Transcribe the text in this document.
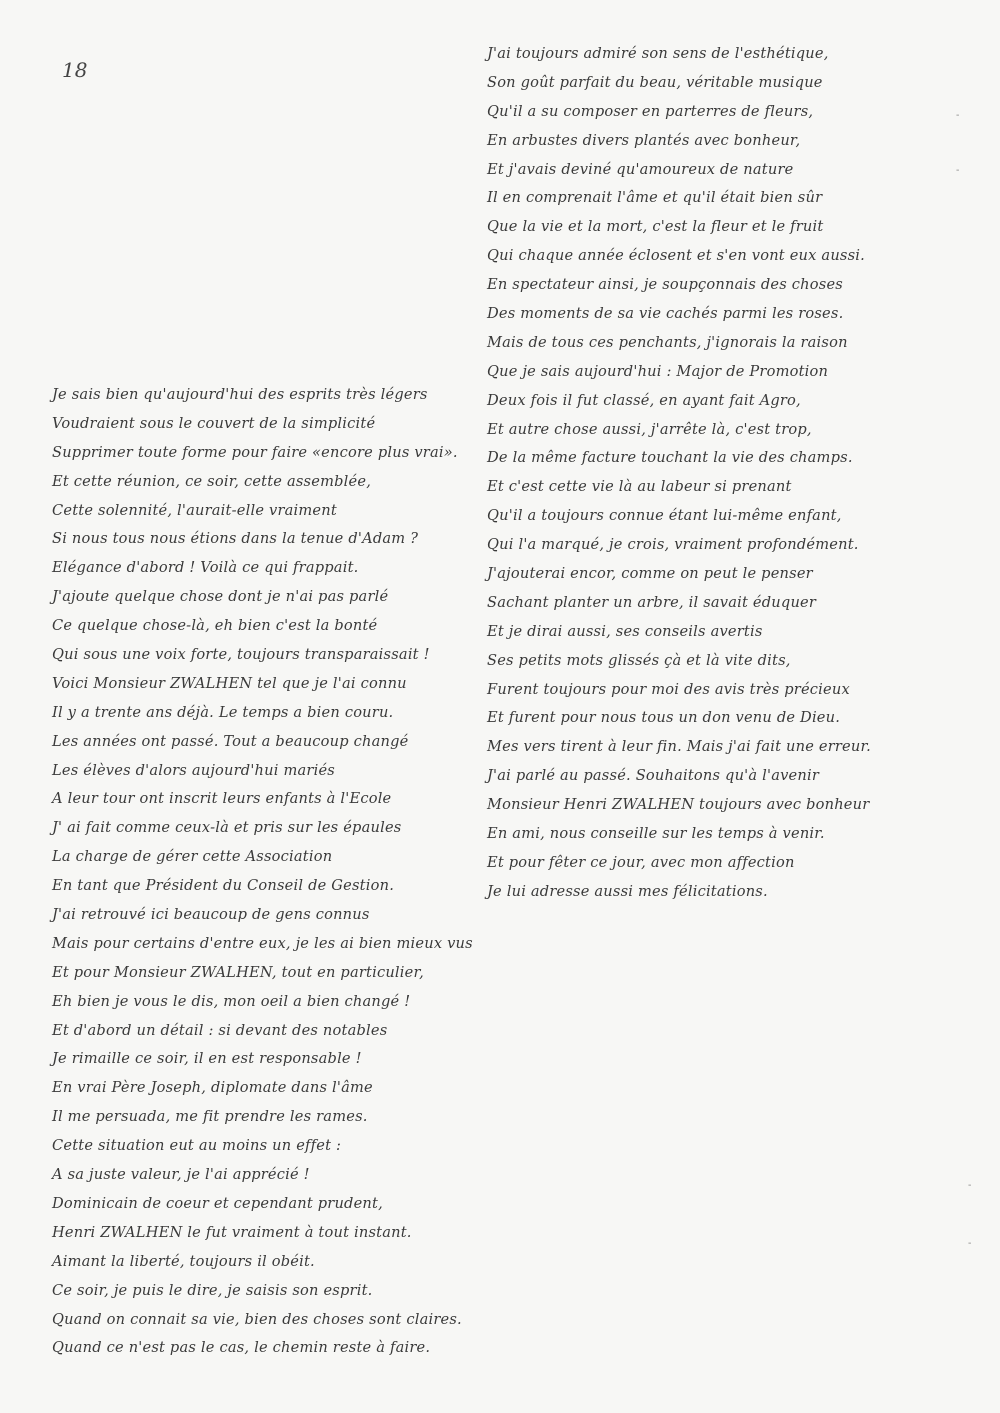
18
J'ai toujours admiré son sens de l'esthétique,
Son goût parfait du beau, véritable musique
Qu'il a su composer en parterres de fleurs,
En arbustes divers plantés avec bonheur,
Et j'avais deviné qu'amoureux de nature
Il en comprenait l'âme et qu'il était bien sûr
Que la vie et la mort, c'est la fleur et le fruit
Qui chaque année éclosent et s'en vont eux aussi.
En spectateur ainsi, je soupçonnais des choses
Des moments de sa vie cachés parmi les roses.
Mais de tous ces penchants, j'ignorais la raison
Que je sais aujourd'hui : Major de Promotion
Deux fois il fut classé, en ayant fait Agro,
Et autre chose aussi, j'arrête là, c'est trop,
De la même facture touchant la vie des champs.
Et c'est cette vie là au labeur si prenant
Qu'il a toujours connue étant lui-même enfant,
Qui l'a marqué, je crois, vraiment profondément.
J'ajouterai encor, comme on peut le penser
Sachant planter un arbre, il savait éduquer
Et je dirai aussi, ses conseils avertis
Ses petits mots glissés çà et là vite dits,
Furent toujours pour moi des avis très précieux
Et furent pour nous tous un don venu de Dieu.
Mes vers tirent à leur fin. Mais j'ai fait une erreur.
J'ai parlé au passé. Souhaitons qu'à l'avenir
Monsieur Henri ZWALHEN toujours avec bonheur
En ami, nous conseille sur les temps à venir.
Et pour fêter ce jour, avec mon affection
Je lui adresse aussi mes félicitations.
Je sais bien qu'aujourd'hui des esprits très légers
Voudraient sous le couvert de la simplicité
Supprimer toute forme pour faire «encore plus vrai».
Et cette réunion, ce soir, cette assemblée,
Cette solennité, l'aurait-elle vraiment
Si nous tous nous étions dans la tenue d'Adam ?
Elégance d'abord ! Voilà ce qui frappait.
J'ajoute quelque chose dont je n'ai pas parlé
Ce quelque chose-là, eh bien c'est la bonté
Qui sous une voix forte, toujours transparaissait !
Voici Monsieur ZWALHEN tel que je l'ai connu
Il y a trente ans déjà. Le temps a bien couru.
Les années ont passé. Tout a beaucoup changé
Les élèves d'alors aujourd'hui mariés
A leur tour ont inscrit leurs enfants à l'Ecole
J' ai fait comme ceux-là et pris sur les épaules
La charge de gérer cette Association
En tant que Président du Conseil de Gestion.
J'ai retrouvé ici beaucoup de gens connus
Mais pour certains d'entre eux, je les ai bien mieux vus
Et pour Monsieur ZWALHEN, tout en particulier,
Eh bien je vous le dis, mon oeil a bien changé !
Et d'abord un détail : si devant des notables
Je rimaille ce soir, il en est responsable !
En vrai Père Joseph, diplomate dans l'âme
Il me persuada, me fit prendre les rames.
Cette situation eut au moins un effet :
A sa juste valeur, je l'ai apprécié !
Dominicain de coeur et cependant prudent,
Henri ZWALHEN le fut vraiment à tout instant.
Aimant la liberté, toujours il obéit.
Ce soir, je puis le dire, je saisis son esprit.
Quand on connait sa vie, bien des choses sont claires.
Quand ce n'est pas le cas, le chemin reste à faire.
-
-
-
-
